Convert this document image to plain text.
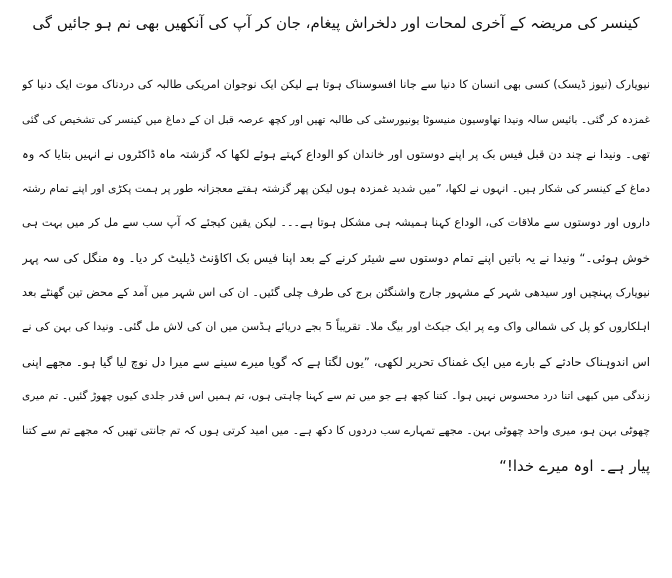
کینسر کی مریضہ کے آخری لمحات اور دلخراش پیغام، جان کر آپ کی آنکھیں بھی نم ہو جائیں گی
نیویارک (نیوز ڈیسک) کسی بھی انسان کا دنیا سے جانا افسوسناک ہوتا ہے لیکن ایک نوجوان امریکی طالبہ کی دردناک موت ایک دنیا کو
غمزدہ کر گئی۔ بائیس سالہ ونیدا تھاوسیون منیسوٹا یونیورسٹی کی طالبہ تھیں اور کچھ عرصہ قبل ان کے دماغ میں کینسر کی تشخیص کی گئی
تھی۔ ونیدا نے چند دن قبل فیس بک پر اپنے دوستوں اور خاندان کو الوداع کہتے ہوئے لکھا کہ گزشتہ ماہ ڈاکٹروں نے انہیں بتایا کہ وہ
دماغ کے کینسر کی شکار ہیں۔ انہوں نے لکھا، ”میں شدید غمزدہ ہوں لیکن پھر گزشتہ ہفتے معجزانہ طور پر ہمت پکڑی اور اپنے تمام رشتہ
داروں اور دوستوں سے ملاقات کی، الوداع کہنا ہمیشہ ہی مشکل ہوتا ہے۔۔۔ لیکن یقین کیجئے کہ آپ سب سے مل کر میں بہت ہی
خوش ہوئی۔“ ونیدا نے یہ باتیں اپنے تمام دوستوں سے شیئر کرنے کے بعد اپنا فیس بک اکاؤنٹ ڈیلیٹ کر دیا۔ وہ منگل کی سہ پہر
نیویارک پہنچیں اور سیدھی شہر کے مشہور جارج واشنگٹن برج کی طرف چلی گئیں۔ ان کی اس شہر میں آمد کے محض تین گھنٹے بعد
اہلکاروں کو پل کی شمالی واک وے پر ایک جیکٹ اور بیگ ملا۔ تقریباً 5 بجے دریائے ہڈسن میں ان کی لاش مل گئی۔ ونیدا کی بہن کی نے
اس اندوہناک حادثے کے بارے میں ایک غمناک تحریر لکھی، ”یوں لگتا ہے کہ گویا میرے سینے سے میرا دل نوچ لیا گیا ہو۔ مجھے اپنی
زندگی میں کبھی اتنا درد محسوس نہیں ہوا۔ کتنا کچھ ہے جو میں تم سے کہنا چاہتی ہوں، تم ہمیں اس قدر جلدی کیوں چھوڑ گئیں۔ تم میری
چھوٹی بہن ہو، میری واحد چھوٹی بہن۔ مجھے تمہارے سب دردوں کا دکھ ہے۔ میں امید کرتی ہوں کہ تم جانتی تھیں کہ مجھے تم سے کتنا
پیار ہے۔ اوہ میرے خدا!“
